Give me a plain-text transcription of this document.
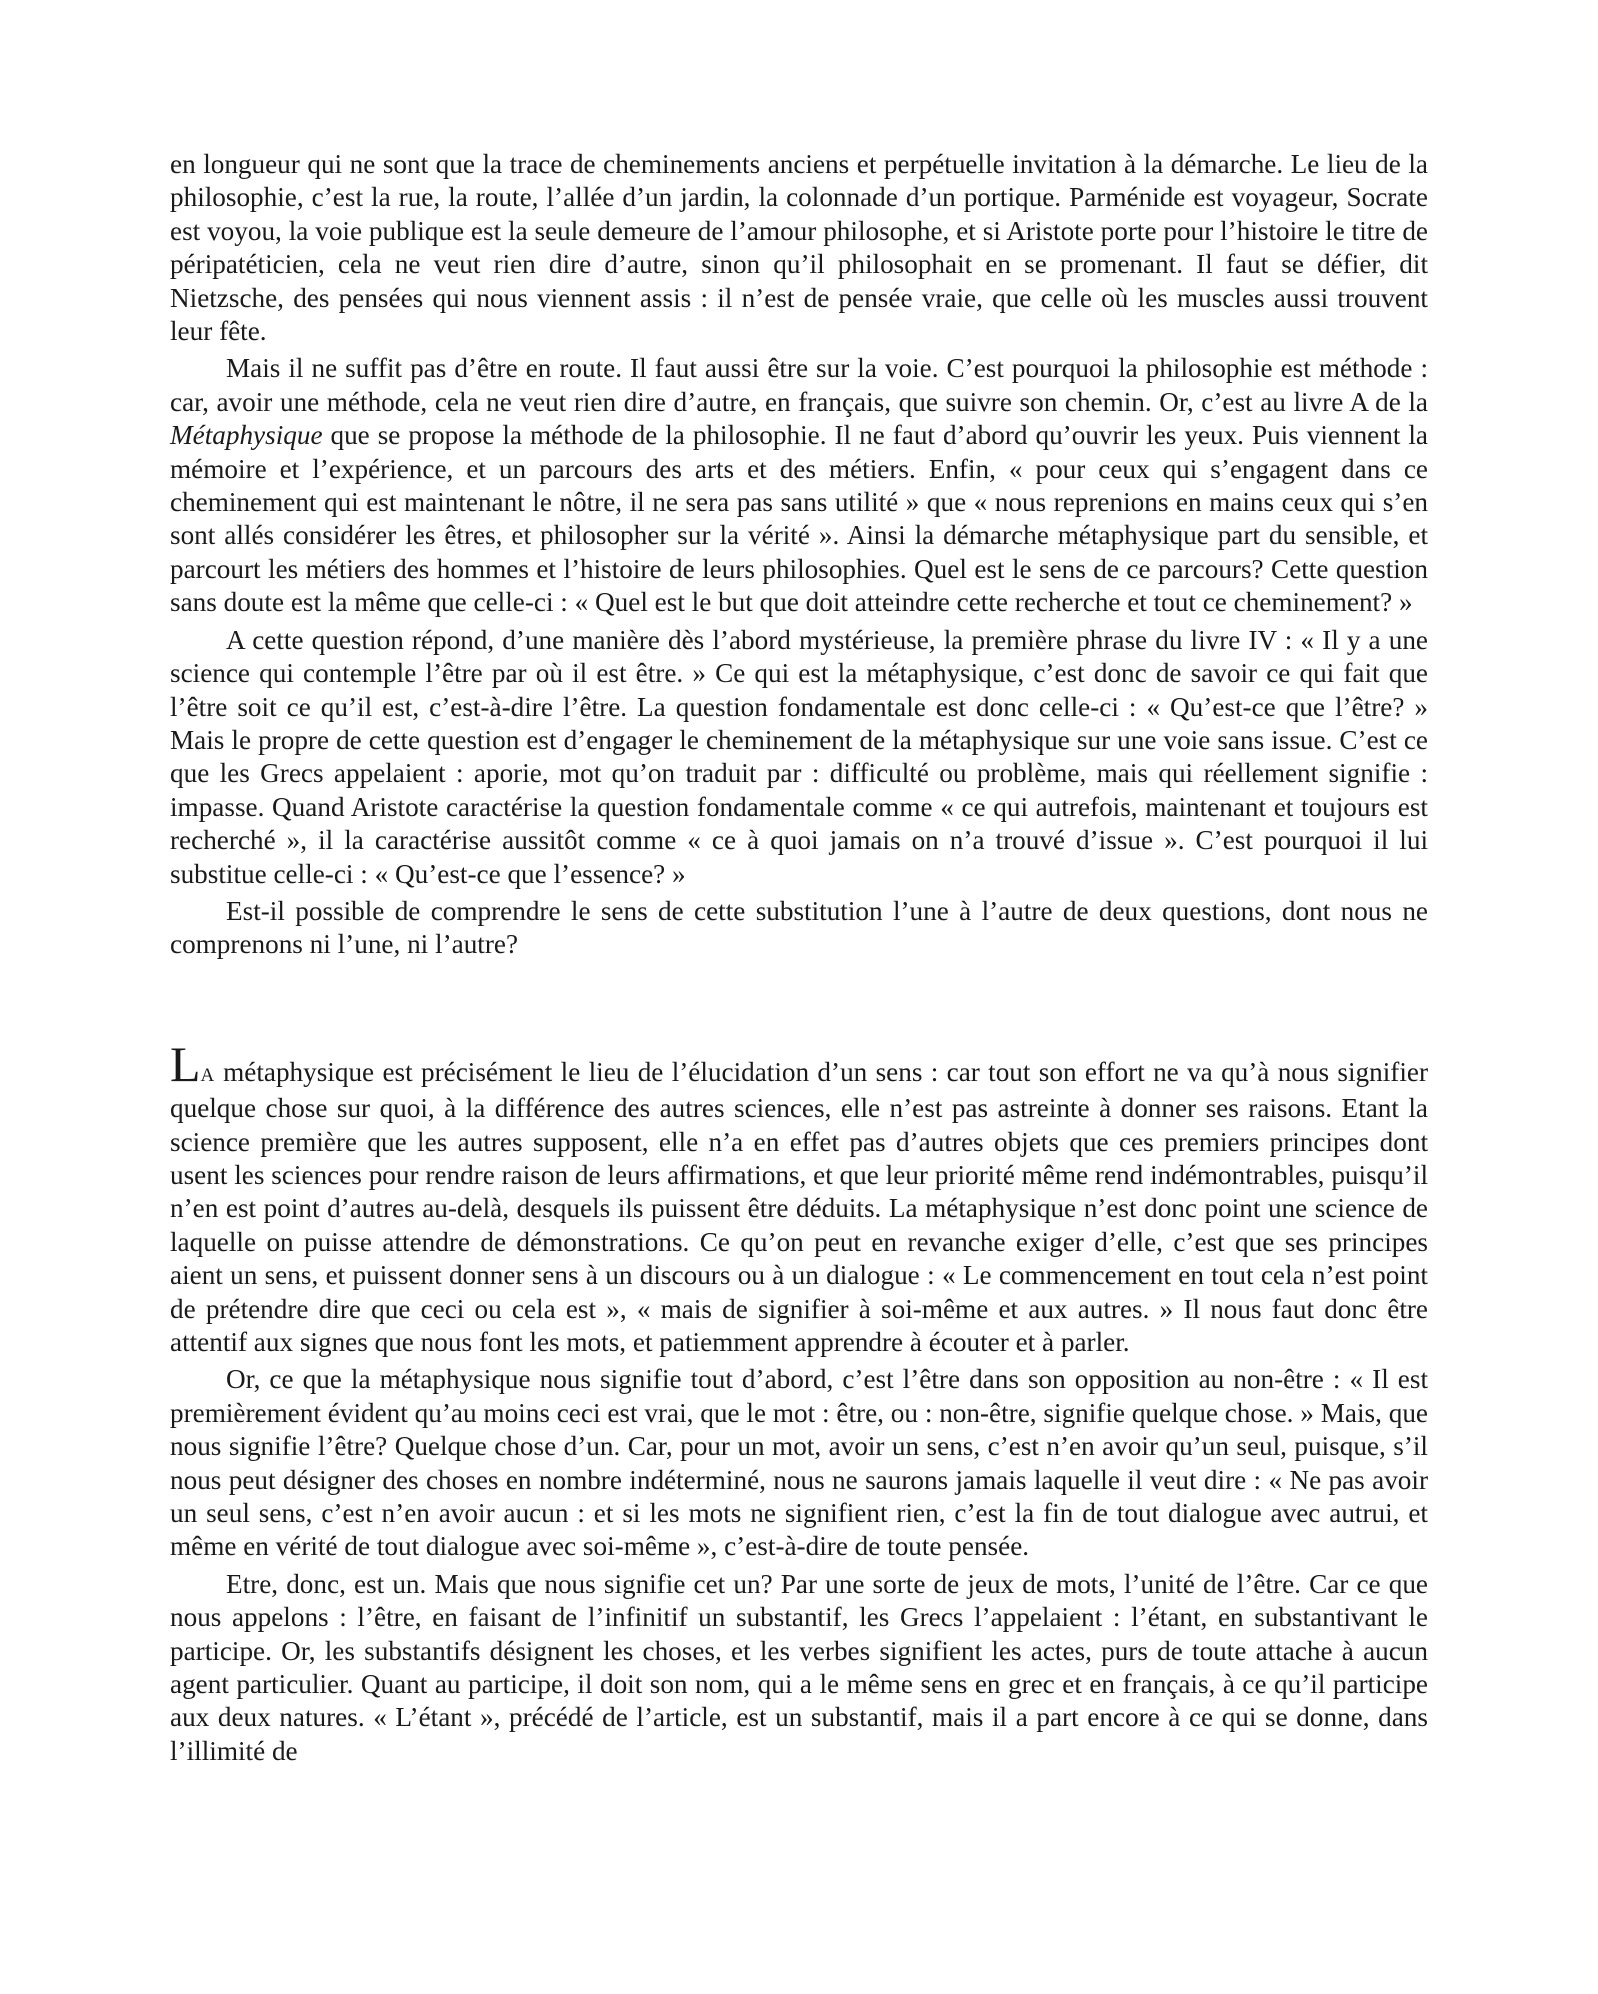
en longueur qui ne sont que la trace de cheminements anciens et perpétuelle invitation à la démarche. Le lieu de la philosophie, c’est la rue, la route, l’allée d’un jardin, la colonnade d’un portique. Parménide est voyageur, Socrate est voyou, la voie publique est la seule demeure de l’amour philosophe, et si Aristote porte pour l’histoire le titre de péripatéticien, cela ne veut rien dire d’autre, sinon qu’il philosophait en se promenant. Il faut se défier, dit Nietzsche, des pensées qui nous viennent assis : il n’est de pensée vraie, que celle où les muscles aussi trouvent leur fête.

Mais il ne suffit pas d’être en route. Il faut aussi être sur la voie. C’est pourquoi la philosophie est méthode : car, avoir une méthode, cela ne veut rien dire d’autre, en français, que suivre son chemin. Or, c’est au livre A de la Métaphysique que se propose la méthode de la philosophie. Il ne faut d’abord qu’ouvrir les yeux. Puis viennent la mémoire et l’expérience, et un parcours des arts et des métiers. Enfin, « pour ceux qui s’engagent dans ce cheminement qui est maintenant le nôtre, il ne sera pas sans utilité » que « nous reprenions en mains ceux qui s’en sont allés considérer les êtres, et philosopher sur la vérité ». Ainsi la démarche métaphysique part du sensible, et parcourt les métiers des hommes et l’histoire de leurs philosophies. Quel est le sens de ce parcours? Cette question sans doute est la même que celle-ci : « Quel est le but que doit atteindre cette recherche et tout ce cheminement? »

A cette question répond, d’une manière dès l’abord mystérieuse, la première phrase du livre IV : « Il y a une science qui contemple l’être par où il est être. » Ce qui est la métaphysique, c’est donc de savoir ce qui fait que l’être soit ce qu’il est, c’est-à-dire l’être. La question fondamentale est donc celle-ci : « Qu’est-ce que l’être? » Mais le propre de cette question est d’engager le cheminement de la métaphysique sur une voie sans issue. C’est ce que les Grecs appelaient : aporie, mot qu’on traduit par : difficulté ou problème, mais qui réellement signifie : impasse. Quand Aristote caractérise la question fondamentale comme « ce qui autrefois, maintenant et toujours est recherché », il la caractérise aussitôt comme « ce à quoi jamais on n’a trouvé d’issue ». C’est pourquoi il lui substitue celle-ci : « Qu’est-ce que l’essence? »

Est-il possible de comprendre le sens de cette substitution l’une à l’autre de deux questions, dont nous ne comprenons ni l’une, ni l’autre?

LA métaphysique est précisément le lieu de l’élucidation d’un sens : car tout son effort ne va qu’à nous signifier quelque chose sur quoi, à la différence des autres sciences, elle n’est pas astreinte à donner ses raisons. Etant la science première que les autres supposent, elle n’a en effet pas d’autres objets que ces premiers principes dont usent les sciences pour rendre raison de leurs affirmations, et que leur priorité même rend indémontrables, puisqu’il n’en est point d’autres au-delà, desquels ils puissent être déduits. La métaphysique n’est donc point une science de laquelle on puisse attendre de démonstrations. Ce qu’on peut en revanche exiger d’elle, c’est que ses principes aient un sens, et puissent donner sens à un discours ou à un dialogue : « Le commencement en tout cela n’est point de prétendre dire que ceci ou cela est », « mais de signifier à soi-même et aux autres. » Il nous faut donc être attentif aux signes que nous font les mots, et patiemment apprendre à écouter et à parler.

Or, ce que la métaphysique nous signifie tout d’abord, c’est l’être dans son opposition au non-être : « Il est premièrement évident qu’au moins ceci est vrai, que le mot : être, ou : non-être, signifie quelque chose. » Mais, que nous signifie l’être? Quelque chose d’un. Car, pour un mot, avoir un sens, c’est n’en avoir qu’un seul, puisque, s’il nous peut désigner des choses en nombre indéterminé, nous ne saurons jamais laquelle il veut dire : « Ne pas avoir un seul sens, c’est n’en avoir aucun : et si les mots ne signifient rien, c’est la fin de tout dialogue avec autrui, et même en vérité de tout dialogue avec soi-même », c’est-à-dire de toute pensée.

Etre, donc, est un. Mais que nous signifie cet un? Par une sorte de jeux de mots, l’unité de l’être. Car ce que nous appelons : l’être, en faisant de l’infinitif un substantif, les Grecs l’appelaient : l’étant, en substantivant le participe. Or, les substantifs désignent les choses, et les verbes signifient les actes, purs de toute attache à aucun agent particulier. Quant au participe, il doit son nom, qui a le même sens en grec et en français, à ce qu’il participe aux deux natures. « L’étant », précédé de l’article, est un substantif, mais il a part encore à ce qui se donne, dans l’illimité de
